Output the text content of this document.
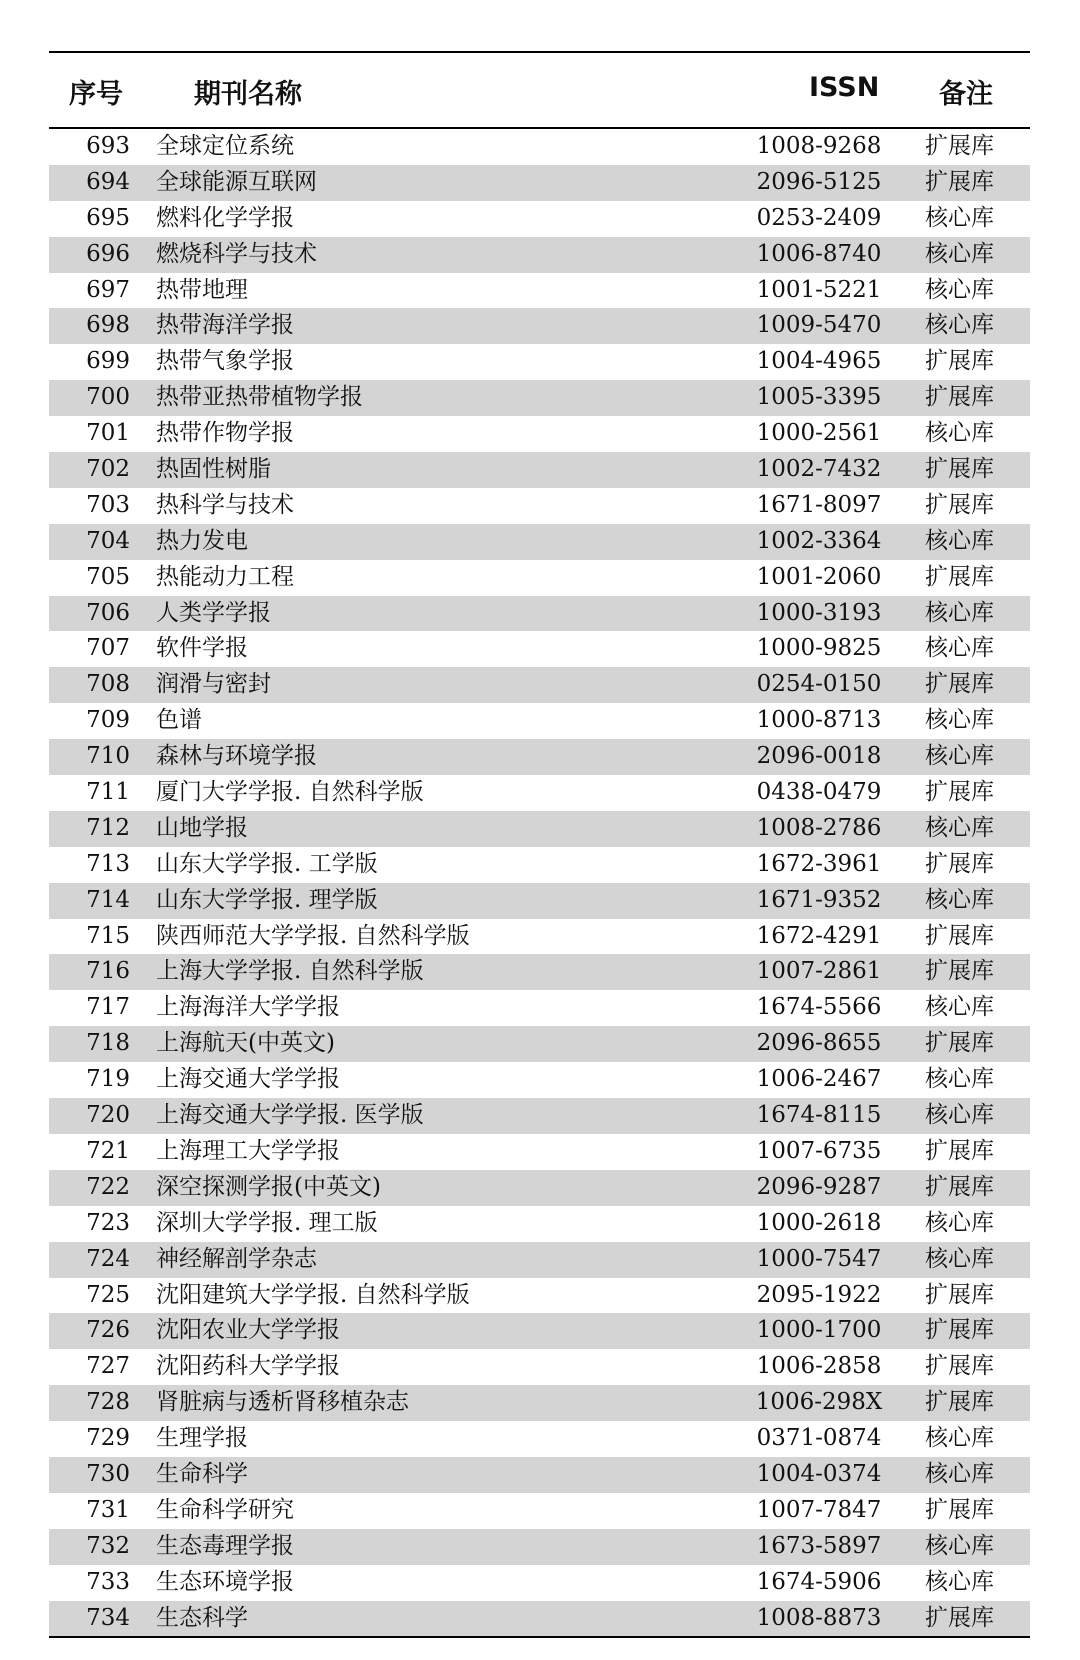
序号	期刊名称	ISSN 备注
693 全球定位系统	1008-9268	扩展库
694 全球能源互联网	2096-5125	扩展库
695 燃料化学学报	0253-2409	核心库
696 燃烧科学与技术	1006-8740	核心库
697 热带地理	1001-5221	核心库
698 热带海洋学报	1009-5470	核心库
699 热带气象学报	1004-4965	扩展库
700 热带亚热带植物学报	1005-3395	扩展库
701 热带作物学报	1000-2561	核心库
702 热固性树脂	1002-7432	扩展库
703 热科学与技术	1671-8097	扩展库
704 热力发电	1002-3364	核心库
705 热能动力工程	1001-2060	扩展库
706 人类学学报	1000-3193	核心库
707 软件学报	1000-9825	核心库
708 润滑与密封	0254-0150	扩展库
709 色谱	1000-8713	核心库
710 森林与环境学报	2096-0018	核心库
711 厦门大学学报. 自然科学版	0438-0479	扩展库
712 山地学报	1008-2786	核心库
713 山东大学学报. 工学版	1672-3961	扩展库
714 山东大学学报. 理学版	1671-9352	核心库
715 陕西师范大学学报. 自然科学版	1672-4291	扩展库
716 上海大学学报. 自然科学版	1007-2861	扩展库
717 上海海洋大学学报	1674-5566	核心库
718 上海航天(中英文)	2096-8655	扩展库
719 上海交通大学学报	1006-2467	核心库
720 上海交通大学学报. 医学版	1674-8115	核心库
721 上海理工大学学报	1007-6735	扩展库
722 深空探测学报(中英文)	2096-9287	扩展库
723 深圳大学学报. 理工版	1000-2618	核心库
724 神经解剖学杂志	1000-7547	核心库
725 沈阳建筑大学学报. 自然科学版	2095-1922	扩展库
726 沈阳农业大学学报	1000-1700	扩展库
727 沈阳药科大学学报	1006-2858	扩展库
728 肾脏病与透析肾移植杂志	1006-298X 扩展库
729 生理学报	0371-0874	核心库
730 生命科学	1004-0374	核心库
731 生命科学研究	1007-7847	扩展库
732 生态毒理学报	1673-5897	核心库
733 生态环境学报	1674-5906	核心库
734 生态科学	1008-8873	扩展库
